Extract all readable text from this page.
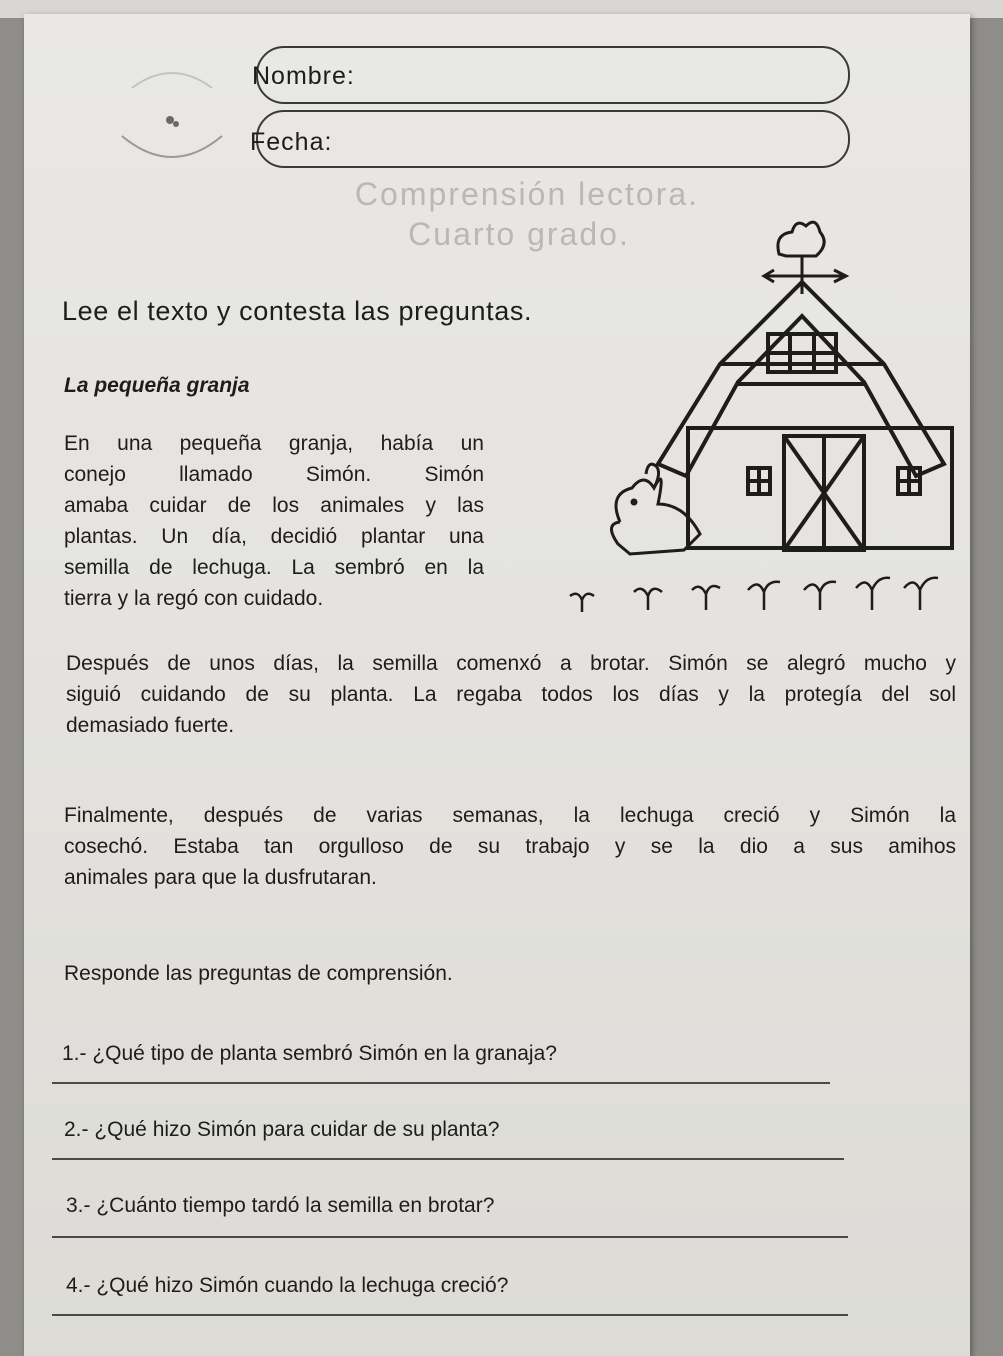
Nombre:
Fecha:
Comprensión lectora.
Cuarto grado.
Lee el texto y contesta las preguntas.
La pequeña granja
En una pequeña granja, había un
conejo llamado Simón. Simón
amaba cuidar de los animales y las
plantas. Un día, decidió plantar una
semilla de lechuga. La sembró en la
tierra y la regó con cuidado.
Después de unos días, la semilla comenxó a brotar. Simón se alegró mucho y
siguió cuidando de su planta. La regaba todos los días y la protegía del sol
demasiado fuerte.
Finalmente, después de varias semanas, la lechuga creció y Simón la
cosechó. Estaba tan orgulloso de su trabajo y se la dio a sus amihos
animales para que la dusfrutaran.
Responde las preguntas de comprensión.
1.- ¿Qué tipo de planta sembró Simón en la granaja?
2.- ¿Qué hizo Simón para cuidar de su planta?
3.- ¿Cuánto tiempo tardó la semilla en brotar?
4.- ¿Qué hizo Simón cuando la lechuga creció?
